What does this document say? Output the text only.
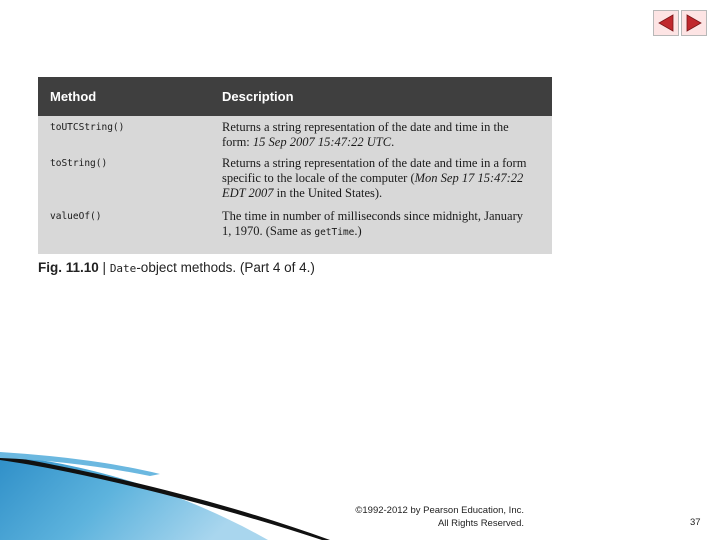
Method	Description
toUTCString()	Returns a string representation of the date and time in the
form: 15 Sep 2007 15:47:22 UTC.
toString()	Returns a string representation of the date and time in a form
specific to the locale of the computer (Mon Sep 17 15:47:22
EDT 2007 in the United States).
valueOf()	The time in number of milliseconds since midnight, January
1, 1970. (Same as getTime.)
Fig. 11.10 | Date-object methods. (Part 4 of 4.)
©1992-2012 by Pearson Education, Inc.
All Rights Reserved.	37
